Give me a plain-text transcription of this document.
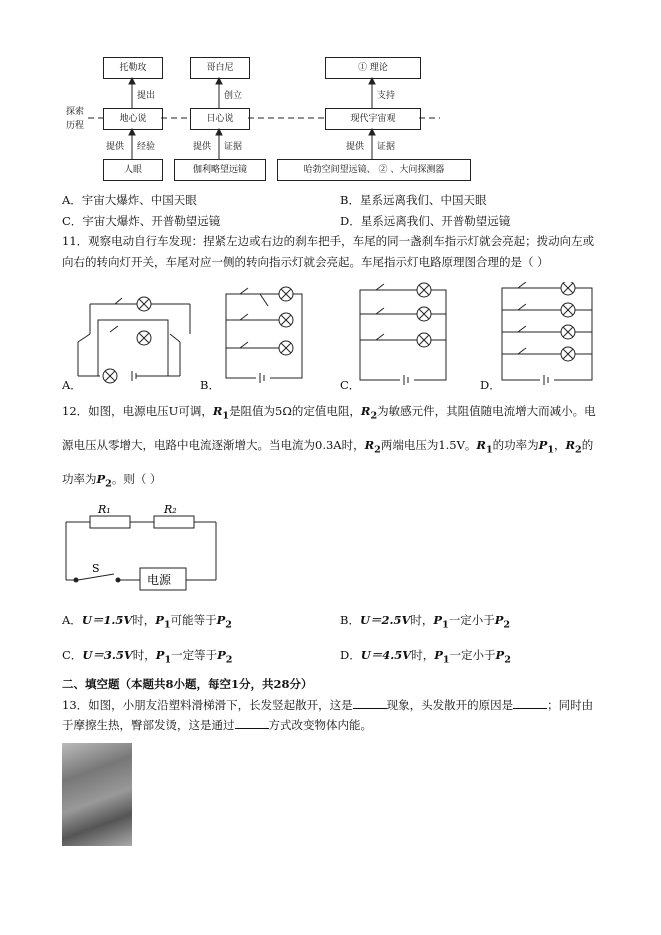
托勒玫	哥白尼	① 理论
地心说	日心说	现代宇宙观
人眼	伽利略望远镜	哈勃空间望远镜、 ② 、大问探测器
探索
历程
提出	创立	支持
提供 经验	提供 证据	提供 证据
A．宇宙大爆炸、中国天眼	B．星系远离我们、中国天眼
C．宇宙大爆炸、开普勒望远镜	D．星系远离我们、开普勒望远镜
11．观察电动自行车发现：捏紧左边或右边的刹车把手，车尾的同一盏刹车指示灯就会亮起；拨动向左或
向右的转向灯开关，车尾对应一侧的转向指示灯就会亮起。车尾指示灯电路原理图合理的是（ ）
A．	B．	C．	D．
12．如图，电源电压U可调，$R_1$是阻值为5Ω的定值电阻，$R_2$为敏感元件，其阻值随电流增大而减小。电
源电压从零增大，电路中电流逐渐增大。当电流为0.3A时，$R_2$两端电压为1.5V。$R_1$的功率为$P_1$，$R_2$的
功率为$P_2$。则（ ）
R₁	R₂
S
电源
A．U＝1.5V时，$P_1$可能等于$P_2$	B．U＝2.5V时，$P_1$一定小于$P_2$
C．U＝3.5V时，$P_1$一定等于$P_2$	D．U＝4.5V时，$P_1$一定小于$P_2$
二、填空题（本题共8小题，每空1分，共28分）
13．如图，小朋友沿塑料滑梯滑下，长发竖起散开，这是	现象，头发散开的原因是	；同时由
于摩擦生热，臀部发烫，这是通过	方式改变物体内能。
